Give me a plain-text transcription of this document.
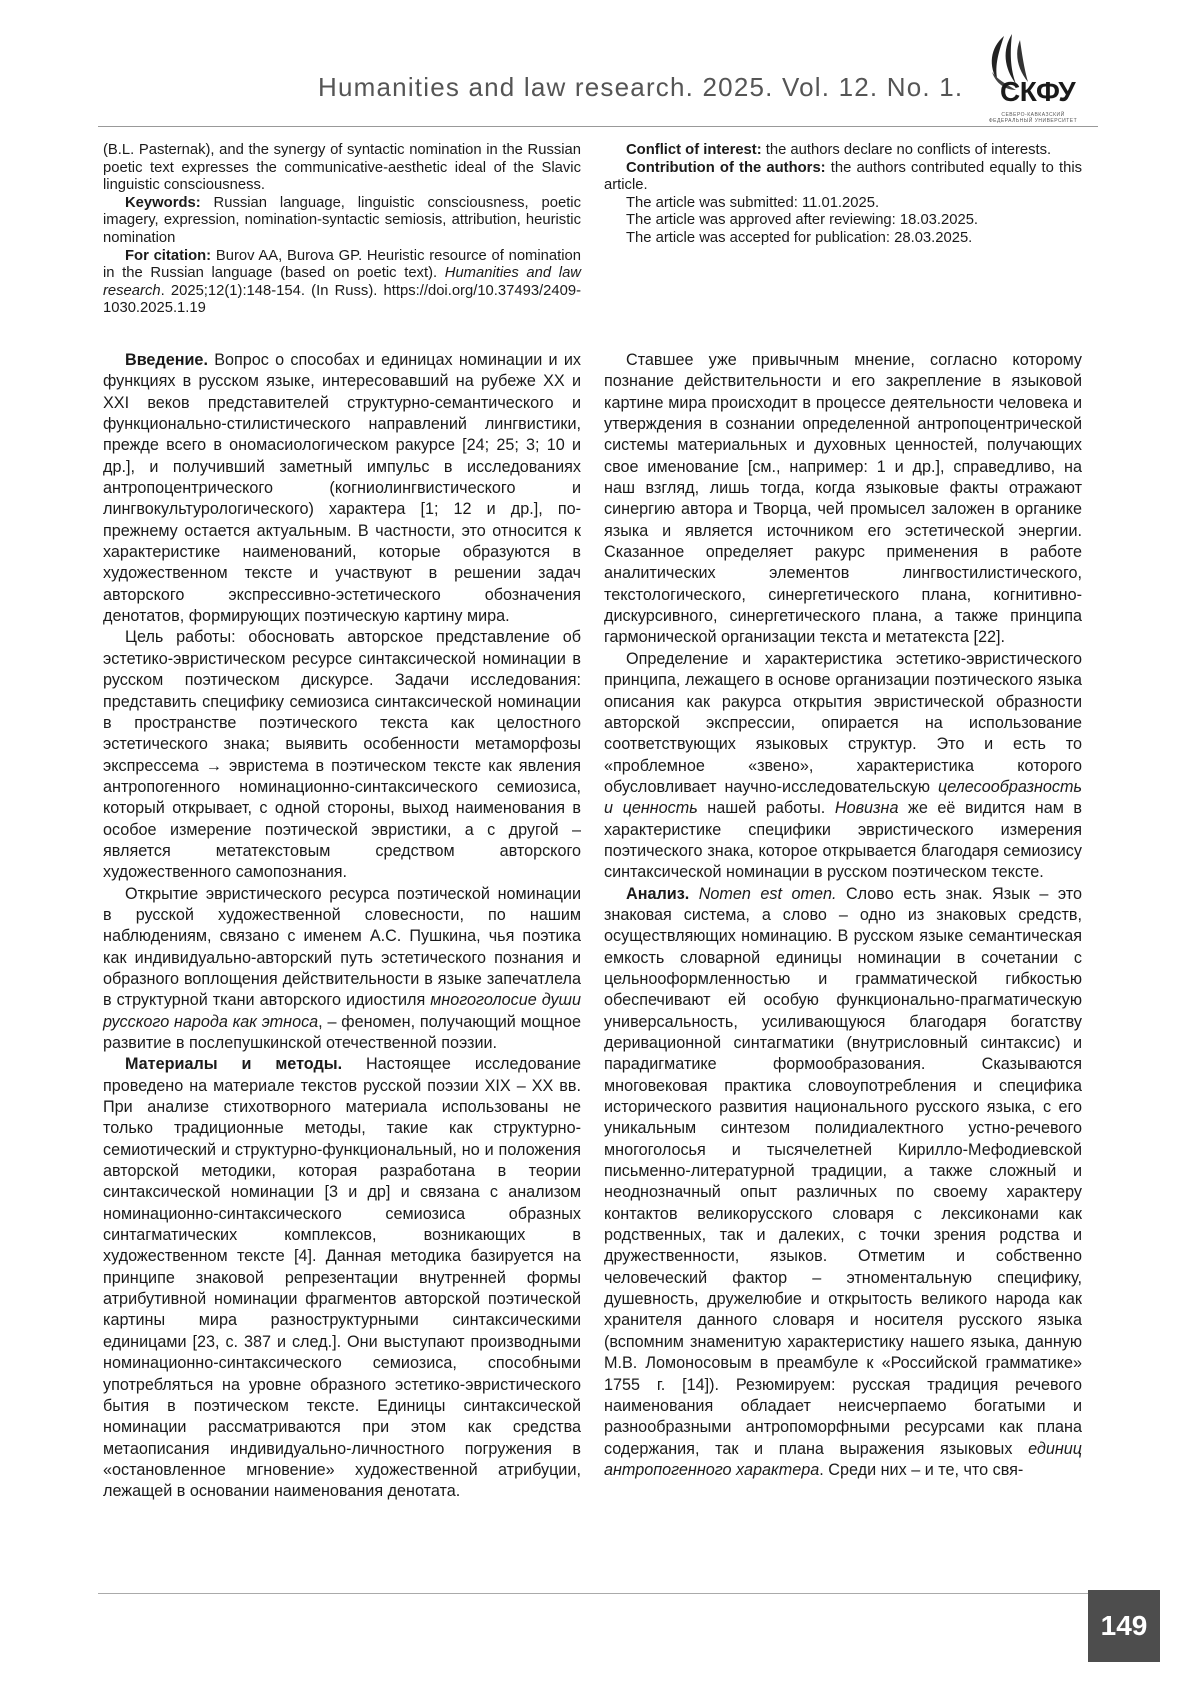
Humanities and law research. 2025. Vol. 12. No. 1. СКФУ
СЕВЕРО-КАВКАЗСКИЙ ФЕДЕРАЛЬНЫЙ УНИВЕРСИТЕТ

(B.L. Pasternak), and the synergy of syntactic nomination in the Russian poetic text expresses the communicative-aesthetic ideal of the Slavic linguistic consciousness.

Keywords: Russian language, linguistic consciousness, poetic imagery, expression, nomination-syntactic semiosis, attribution, heuristic nomination

For citation: Burov AA, Burova GP. Heuristic resource of nomination in the Russian language (based on poetic text). Humanities and law research. 2025;12(1):148-154. (In Russ). https://doi.org/10.37493/2409-1030.2025.1.19

Conflict of interest: the authors declare no conflicts of interests.

Contribution of the authors: the authors contributed equally to this article.

The article was submitted: 11.01.2025.

The article was approved after reviewing: 18.03.2025.

The article was accepted for publication: 28.03.2025.

Введение. Вопрос о способах и единицах номинации и их функциях в русском языке, интересовавший на рубеже XX и XXI веков представителей структурно-семантического и функционально-стилистического направлений лингвистики, прежде всего в ономасиологическом ракурсе [24; 25; 3; 10 и др.], и получивший заметный импульс в исследованиях антропоцентрического (когниолингвистического и лингвокультурологического) характера [1; 12 и др.], по-прежнему остается актуальным. В частности, это относится к характеристике наименований, которые образуются в художественном тексте и участвуют в решении задач авторского экспрессивно-эстетического обозначения денотатов, формирующих поэтическую картину мира.

Цель работы: обосновать авторское представление об эстетико-эвристическом ресурсе синтаксической номинации в русском поэтическом дискурсе. Задачи исследования: представить специфику семиозиса синтаксической номинации в пространстве поэтического текста как целостного эстетического знака; выявить особенности метаморфозы экспрессема → эвристема в поэтическом тексте как явления антропогенного номинационно-синтаксического семиозиса, который открывает, с одной стороны, выход наименования в особое измерение поэтической эвристики, а с другой – является метатекстовым средством авторского художественного самопознания.

Открытие эвристического ресурса поэтической номинации в русской художественной словесности, по нашим наблюдениям, связано с именем А.С. Пушкина, чья поэтика как индивидуально-авторский путь эстетического познания и образного воплощения действительности в языке запечатлела в структурной ткани авторского идиостиля многоголосие души русского народа как этноса, – феномен, получающий мощное развитие в послепушкинской отечественной поэзии.

Материалы и методы. Настоящее исследование проведено на материале текстов русской поэзии XIX – XX вв. При анализе стихотворного материала использованы не только традиционные методы, такие как структурно-семиотический и структурно-функциональный, но и положения авторской методики, которая разработана в теории синтаксической номинации [3 и др] и связана с анализом номинационно-синтаксического семиозиса образных синтагматических комплексов, возникающих в художественном тексте [4]. Данная методика базируется на принципе знаковой репрезентации внутренней формы атрибутивной номинации фрагментов авторской поэтической картины мира разноструктурными синтаксическими единицами [23, с. 387 и след.]. Они выступают производными номинационно-синтаксического семиозиса, способными употребляться на уровне образного эстетико-эвристического бытия в поэтическом тексте. Единицы синтаксической номинации рассматриваются при этом как средства метаописания индивидуально-личностного погружения в «остановленное мгновение» художественной атрибуции, лежащей в основании наименования денотата.

Ставшее уже привычным мнение, согласно которому познание действительности и его закрепление в языковой картине мира происходит в процессе деятельности человека и утверждения в сознании определенной антропоцентрической системы материальных и духовных ценностей, получающих свое именование [см., например: 1 и др.], справедливо, на наш взгляд, лишь тогда, когда языковые факты отражают синергию автора и Творца, чей промысел заложен в органике языка и является источником его эстетической энергии. Сказанное определяет ракурс применения в работе аналитических элементов лингвостилистического, текстологического, синергетического плана, когнитивно-дискурсивного, синергетического плана, а также принципа гармонической организации текста и метатекста [22].

Определение и характеристика эстетико-эвристического принципа, лежащего в основе организации поэтического языка описания как ракурса открытия эвристической образности авторской экспрессии, опирается на использование соответствующих языковых структур. Это и есть то «проблемное «звено», характеристика которого обусловливает научно-исследовательскую целесообразность и ценность нашей работы. Новизна же её видится нам в характеристике специфики эвристического измерения поэтического знака, которое открывается благодаря семиозису синтаксической номинации в русском поэтическом тексте.

Анализ. Nomen est omen. Слово есть знак. Язык – это знаковая система, а слово – одно из знаковых средств, осуществляющих номинацию. В русском языке семантическая емкость словарной единицы номинации в сочетании с цельнооформленностью и грамматической гибкостью обеспечивают ей особую функционально-прагматическую универсальность, усиливающуюся благодаря богатству деривационной синтагматики (внутрисловный синтаксис) и парадигматике формообразования. Сказываются многовековая практика словоупотребления и специфика исторического развития национального русского языка, с его уникальным синтезом полидиалектного устно-речевого многоголосья и тысячелетней Кирилло-Мефодиевской письменно-литературной традиции, а также сложный и неоднозначный опыт различных по своему характеру контактов великорусского словаря с лексиконами как родственных, так и далеких, с точки зрения родства и дружественности, языков. Отметим и собственно человеческий фактор – этноментальную специфику, душевность, дружелюбие и открытость великого народа как хранителя данного словаря и носителя русского языка (вспомним знаменитую характеристику нашего языка, данную М.В. Ломоносовым в преамбуле к «Российской грамматике» 1755 г. [14]). Резюмируем: русская традиция речевого наименования обладает неисчерпаемо богатыми и разнообразными антропоморфными ресурсами как плана содержания, так и плана выражения языковых единиц антропогенного характера. Среди них – и те, что свя-

149
